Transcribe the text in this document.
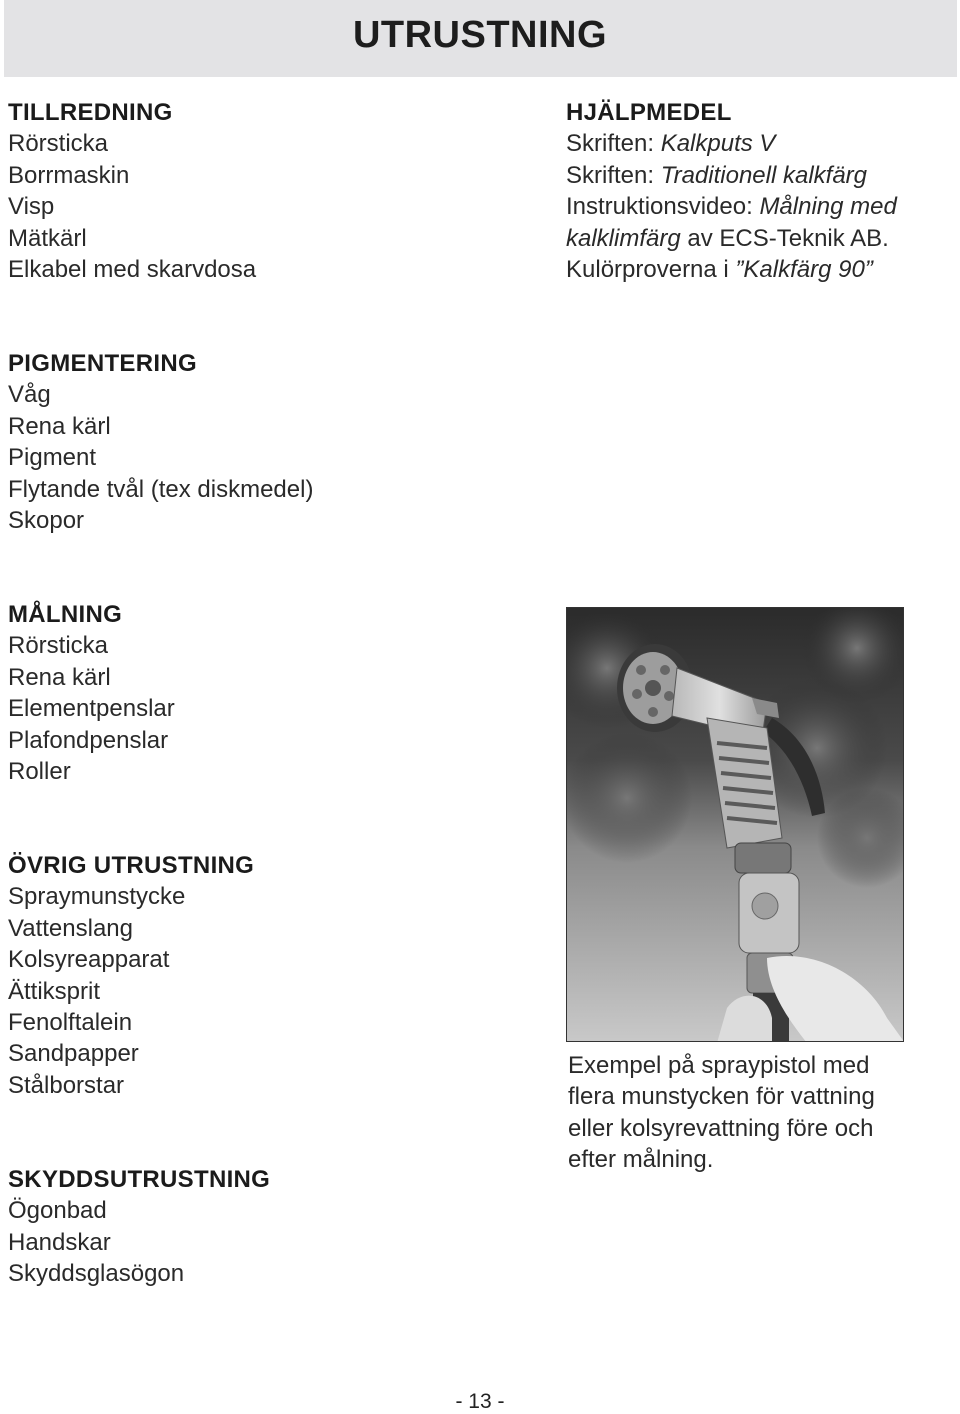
UTRUSTNING
TILLREDNING
Rörsticka
Borrmaskin
Visp
Mätkärl
Elkabel med skarvdosa
HJÄLPMEDEL
Skriften: Kalkputs V
Skriften: Traditionell kalkfärg
Instruktionsvideo: Målning med
kalklimfärg av ECS-Teknik AB.
Kulörproverna i ”Kalkfärg 90”
PIGMENTERING
Våg
Rena kärl
Pigment
Flytande tvål (tex diskmedel)
Skopor
MÅLNING
Rörsticka
Rena kärl
Elementpenslar
Plafondpenslar
Roller
ÖVRIG UTRUSTNING
Spraymunstycke
Vattenslang
Kolsyreapparat
Ättiksprit
Fenolftalein
Sandpapper
Stålborstar
SKYDDSUTRUSTNING
Ögonbad
Handskar
Skyddsglasögon
Exempel på spraypistol med
flera munstycken för vattning
eller kolsyrevattning före och
efter målning.
- 13 -
